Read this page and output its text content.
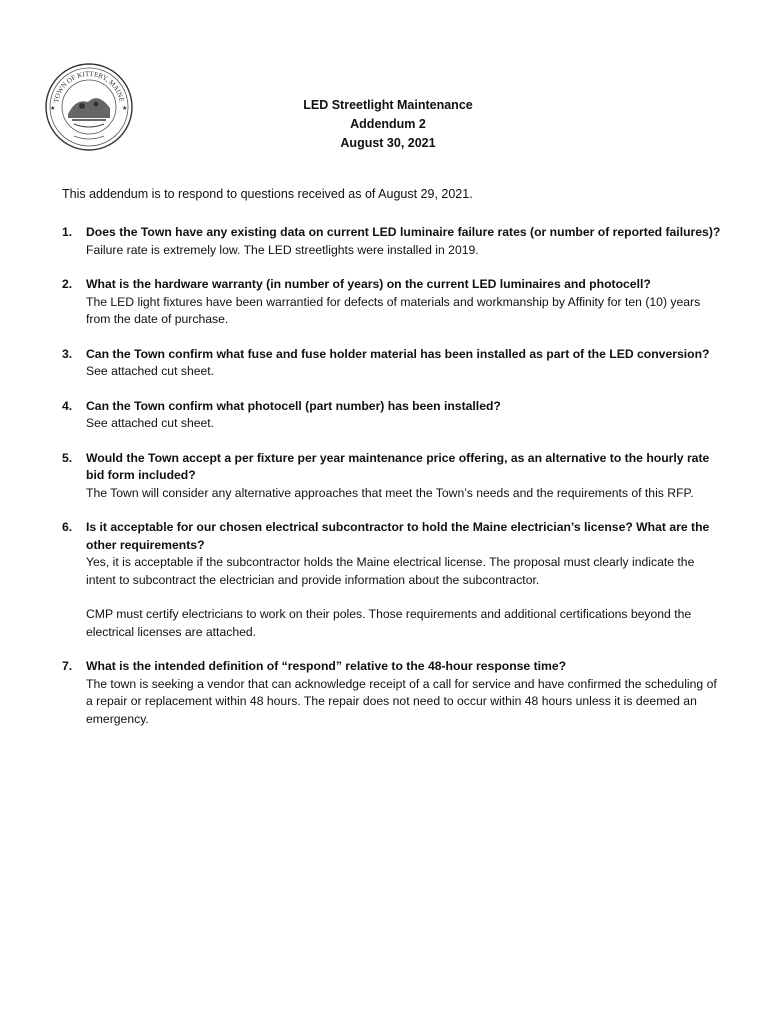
TOWN OF KITTERY, MAINE
★	★	LED Streetlight Maintenance
Addendum 2
August 30, 2021
This addendum is to respond to questions received as of August 29, 2021.
1.	Does the Town have any existing data on current LED luminaire failure rates (or number of reported failures)?
Failure rate is extremely low. The LED streetlights were installed in 2019.
2.	What is the hardware warranty (in number of years) on the current LED luminaires and photocell?
The LED light fixtures have been warrantied for defects of materials and workmanship by Affinity for ten (10) years from the date of purchase.
3.	Can the Town confirm what fuse and fuse holder material has been installed as part of the LED conversion?
See attached cut sheet.
4.	Can the Town confirm what photocell (part number) has been installed?
See attached cut sheet.
5.	Would the Town accept a per fixture per year maintenance price offering, as an alternative to the hourly rate bid form included?
The Town will consider any alternative approaches that meet the Town’s needs and the requirements of this RFP.
6.	Is it acceptable for our chosen electrical subcontractor to hold the Maine electrician’s license? What are the other requirements?
Yes, it is acceptable if the subcontractor holds the Maine electrical license. The proposal must clearly indicate the intent to subcontract the electrician and provide information about the subcontractor.
CMP must certify electricians to work on their poles. Those requirements and additional certifications beyond the electrical licenses are attached.
7.	What is the intended definition of “respond” relative to the 48-hour response time?
The town is seeking a vendor that can acknowledge receipt of a call for service and have confirmed the scheduling of a repair or replacement within 48 hours. The repair does not need to occur within 48 hours unless it is deemed an emergency.
